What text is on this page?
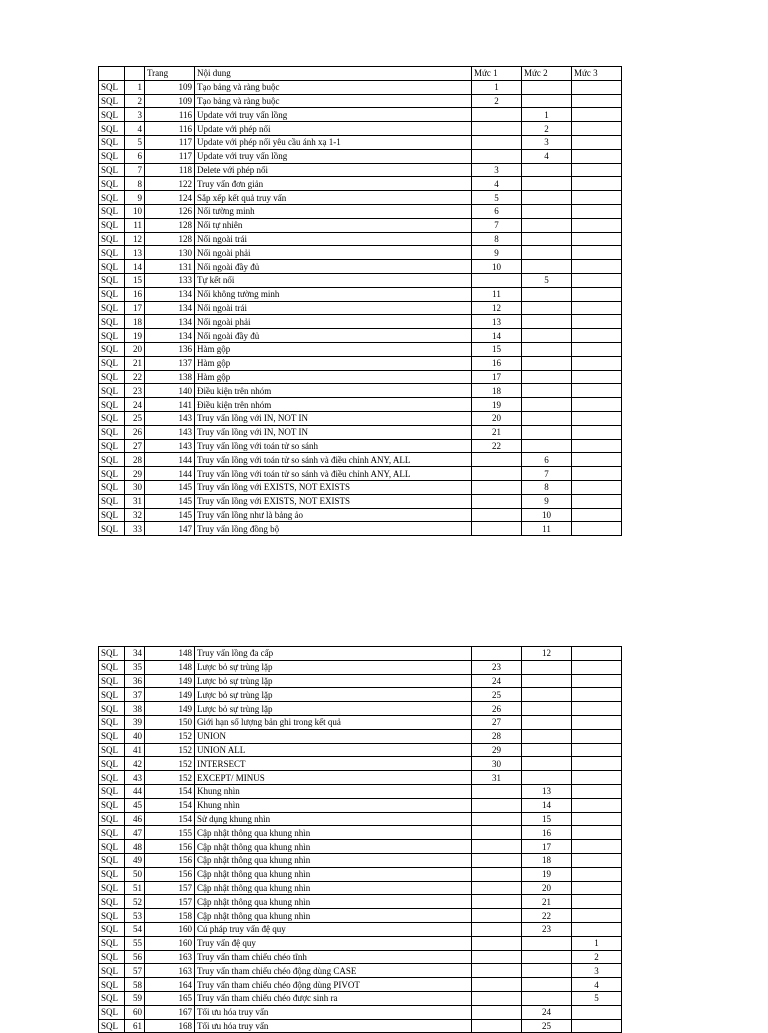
		Trang	Nội dung	Mức 1	Mức 2	Mức 3
SQL	1	109	Tạo bảng và ràng buộc	1		
SQL	2	109	Tạo bảng và ràng buộc	2		
SQL	3	116	Update với truy vấn lồng		1	
SQL	4	116	Update với phép nối		2	
SQL	5	117	Update với phép nối yêu cầu ánh xạ 1-1		3	
SQL	6	117	Update với truy vấn lồng		4	
SQL	7	118	Delete với phép nối	3		
SQL	8	122	Truy vấn đơn giản	4		
SQL	9	124	Sắp xếp kết quả truy vấn	5		
SQL	10	126	Nối tường minh	6		
SQL	11	128	Nối tự nhiên	7		
SQL	12	128	Nối ngoài trái	8		
SQL	13	130	Nối ngoài phải	9		
SQL	14	131	Nối ngoài đầy đủ	10		
SQL	15	133	Tự kết nối		5	
SQL	16	134	Nối không tường minh	11		
SQL	17	134	Nối ngoài trái	12		
SQL	18	134	Nối ngoài phải	13		
SQL	19	134	Nối ngoài đầy đủ	14		
SQL	20	136	Hàm gộp	15		
SQL	21	137	Hàm gộp	16		
SQL	22	138	Hàm gộp	17		
SQL	23	140	Điều kiện trên nhóm	18		
SQL	24	141	Điều kiện trên nhóm	19		
SQL	25	143	Truy vấn lồng với IN, NOT IN	20		
SQL	26	143	Truy vấn lồng với IN, NOT IN	21		
SQL	27	143	Truy vấn lồng với toán tử so sánh	22		
SQL	28	144	Truy vấn lồng với toán tử so sánh và điều chỉnh ANY, ALL		6	
SQL	29	144	Truy vấn lồng với toán tử so sánh và điều chỉnh ANY, ALL		7	
SQL	30	145	Truy vấn lồng với EXISTS, NOT EXISTS		8	
SQL	31	145	Truy vấn lồng với EXISTS, NOT EXISTS		9	
SQL	32	145	Truy vấn lồng như là bảng ảo		10	
SQL	33	147	Truy vấn lồng đồng bộ		11	
SQL	34	148	Truy vấn lồng đa cấp		12	
SQL	35	148	Lược bỏ sự trùng lặp	23		
SQL	36	149	Lược bỏ sự trùng lặp	24		
SQL	37	149	Lược bỏ sự trùng lặp	25		
SQL	38	149	Lược bỏ sự trùng lặp	26		
SQL	39	150	Giới hạn số lượng bản ghi trong kết quả	27		
SQL	40	152	UNION	28		
SQL	41	152	UNION ALL	29		
SQL	42	152	INTERSECT	30		
SQL	43	152	EXCEPT/ MINUS	31		
SQL	44	154	Khung nhìn		13	
SQL	45	154	Khung nhìn		14	
SQL	46	154	Sử dụng khung nhìn		15	
SQL	47	155	Cập nhật thông qua khung nhìn		16	
SQL	48	156	Cập nhật thông qua khung nhìn		17	
SQL	49	156	Cập nhật thông qua khung nhìn		18	
SQL	50	156	Cập nhật thông qua khung nhìn		19	
SQL	51	157	Cập nhật thông qua khung nhìn		20	
SQL	52	157	Cập nhật thông qua khung nhìn		21	
SQL	53	158	Cập nhật thông qua khung nhìn		22	
SQL	54	160	Cú pháp truy vấn đệ quy		23	
SQL	55	160	Truy vấn đệ quy			1
SQL	56	163	Truy vấn tham chiếu chéo tĩnh			2
SQL	57	163	Truy vấn tham chiếu chéo động dùng CASE			3
SQL	58	164	Truy vấn tham chiếu chéo động dùng PIVOT			4
SQL	59	165	Truy vấn tham chiếu chéo được sinh ra			5
SQL	60	167	Tối ưu hóa truy vấn		24	
SQL	61	168	Tối ưu hóa truy vấn		25	
